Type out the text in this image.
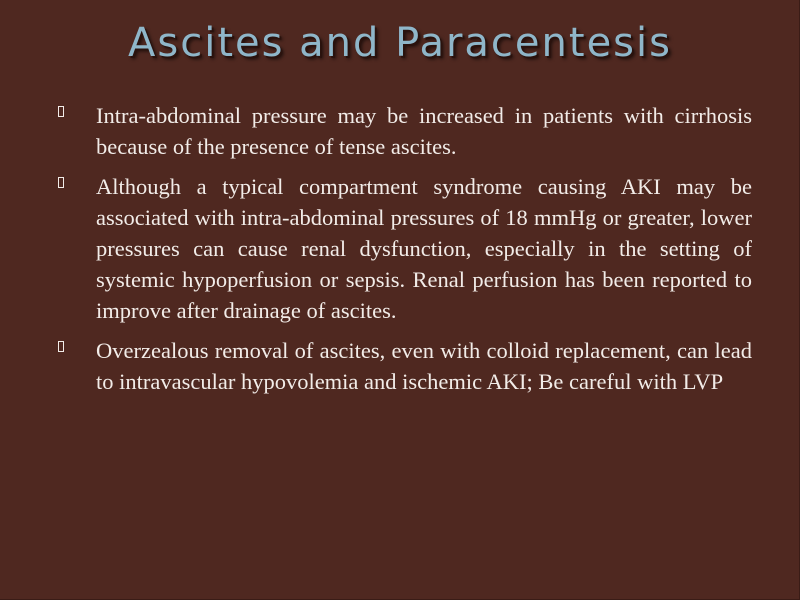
Ascites and Paracentesis
Intra-abdominal pressure may be increased in patients with cirrhosis because of the presence of tense ascites.
Although a typical compartment syndrome causing AKI may be associated with intra-abdominal pressures of 18 mmHg or greater, lower pressures can cause renal dysfunction, especially in the setting of systemic hypoperfusion or sepsis. Renal perfusion has been reported to improve after drainage of ascites.
Overzealous removal of ascites, even with colloid replacement, can lead to intravascular hypovolemia and ischemic AKI; Be careful with LVP
